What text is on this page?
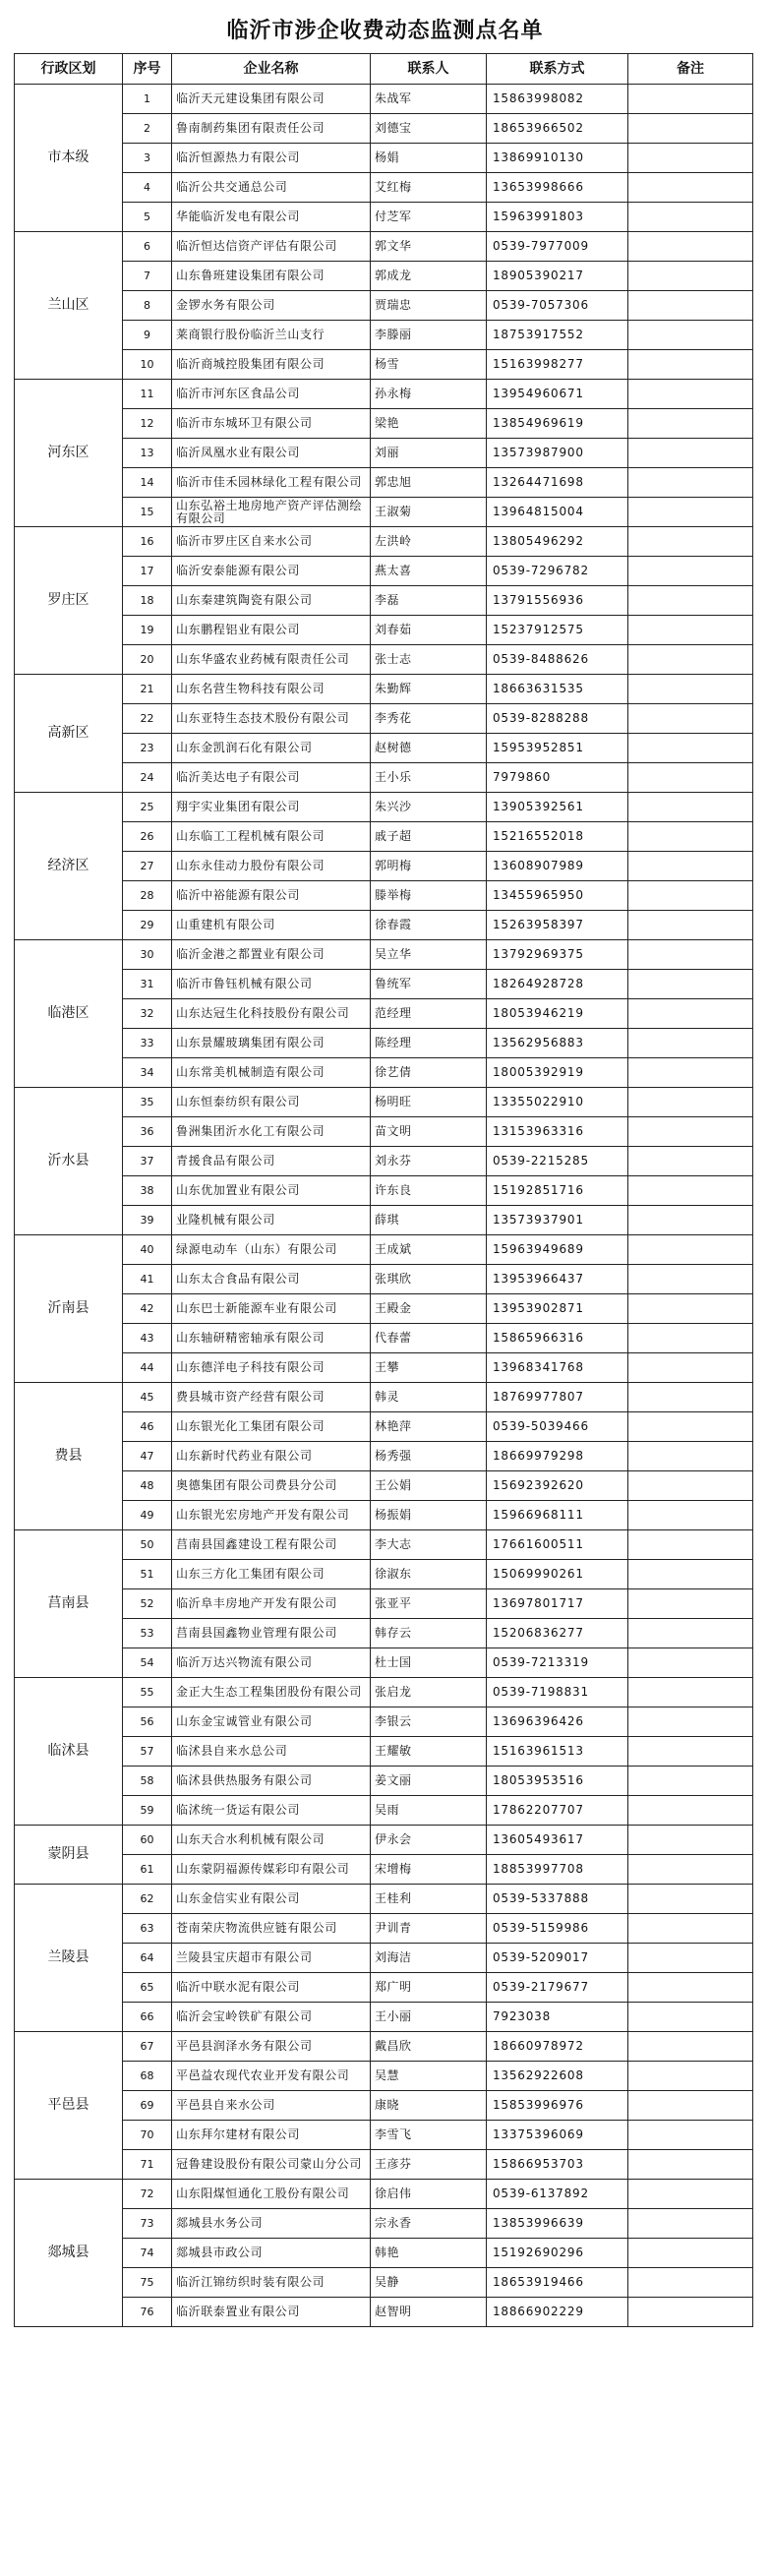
临沂市涉企收费动态监测点名单
行政区划	序号	企业名称	联系人	联系方式	备注
市本级	1	临沂天元建设集团有限公司	朱战军	15863998082	
	2	鲁南制药集团有限责任公司	刘德宝	18653966502	
	3	临沂恒源热力有限公司	杨娟	13869910130	
	4	临沂公共交通总公司	艾红梅	13653998666	
	5	华能临沂发电有限公司	付芝军	15963991803	
兰山区	6	临沂恒达信资产评估有限公司	郭文华	0539-7977009	
	7	山东鲁班建设集团有限公司	郭成龙	18905390217	
	8	金锣水务有限公司	贾瑞忠	0539-7057306	
	9	莱商银行股份临沂兰山支行	李滕丽	18753917552	
	10	临沂商城控股集团有限公司	杨雪	15163998277	
河东区	11	临沂市河东区食品公司	孙永梅	13954960671	
	12	临沂市东城环卫有限公司	梁艳	13854969619	
	13	临沂凤凰水业有限公司	刘丽	13573987900	
	14	临沂市佳禾园林绿化工程有限公司	郭忠旭	13264471698	
	15	山东弘裕土地房地产资产评估测绘有限公司	王淑菊	13964815004	
罗庄区	16	临沂市罗庄区自来水公司	左洪岭	13805496292	
	17	临沂安泰能源有限公司	燕太喜	0539-7296782	
	18	山东秦建筑陶瓷有限公司	李磊	13791556936	
	19	山东鹏程铝业有限公司	刘春茹	15237912575	
	20	山东华盛农业药械有限责任公司	张士志	0539-8488626	
高新区	21	山东名营生物科技有限公司	朱勤辉	18663631535	
	22	山东亚特生态技术股份有限公司	李秀花	0539-8288288	
	23	山东金凯润石化有限公司	赵树德	15953952851	
	24	临沂美达电子有限公司	王小乐	7979860	
经济区	25	翔宇实业集团有限公司	朱兴沙	13905392561	
	26	山东临工工程机械有限公司	戚子超	15216552018	
	27	山东永佳动力股份有限公司	郭明梅	13608907989	
	28	临沂中裕能源有限公司	滕举梅	13455965950	
	29	山重建机有限公司	徐春霞	15263958397	
临港区	30	临沂金港之都置业有限公司	吴立华	13792969375	
	31	临沂市鲁钰机械有限公司	鲁统军	18264928728	
	32	山东达冠生化科技股份有限公司	范经理	18053946219	
	33	山东景耀玻璃集团有限公司	陈经理	13562956883	
	34	山东常美机械制造有限公司	徐艺倩	18005392919	
沂水县	35	山东恒泰纺织有限公司	杨明旺	13355022910	
	36	鲁洲集团沂水化工有限公司	苗文明	13153963316	
	37	青援食品有限公司	刘永芬	0539-2215285	
	38	山东优加置业有限公司	许东良	15192851716	
	39	业隆机械有限公司	薛琪	13573937901	
沂南县	40	绿源电动车（山东）有限公司	王成斌	15963949689	
	41	山东太合食品有限公司	张琪欣	13953966437	
	42	山东巴士新能源车业有限公司	王殿金	13953902871	
	43	山东轴研精密轴承有限公司	代春蕾	15865966316	
	44	山东德洋电子科技有限公司	王攀	13968341768	
费县	45	费县城市资产经营有限公司	韩灵	18769977807	
	46	山东银光化工集团有限公司	林艳萍	0539-5039466	
	47	山东新时代药业有限公司	杨秀强	18669979298	
	48	奥德集团有限公司费县分公司	王公娟	15692392620	
	49	山东银光宏房地产开发有限公司	杨振娟	15966968111	
莒南县	50	莒南县国鑫建设工程有限公司	李大志	17661600511	
	51	山东三方化工集团有限公司	徐淑东	15069990261	
	52	临沂阜丰房地产开发有限公司	张亚平	13697801717	
	53	莒南县国鑫物业管理有限公司	韩存云	15206836277	
	54	临沂万达兴物流有限公司	杜士国	0539-7213319	
临沭县	55	金正大生态工程集团股份有限公司	张启龙	0539-7198831	
	56	山东金宝诚管业有限公司	李银云	13696396426	
	57	临沭县自来水总公司	王耀敏	15163961513	
	58	临沭县供热服务有限公司	姜文丽	18053953516	
	59	临沭统一货运有限公司	吴雨	17862207707	
蒙阴县	60	山东天合水利机械有限公司	伊永会	13605493617	
	61	山东蒙阴福源传媒彩印有限公司	宋增梅	18853997708	
兰陵县	62	山东金信实业有限公司	王桂利	0539-5337888	
	63	苍南荣庆物流供应链有限公司	尹训青	0539-5159986	
	64	兰陵县宝庆超市有限公司	刘海洁	0539-5209017	
	65	临沂中联水泥有限公司	郑广明	0539-2179677	
	66	临沂会宝岭铁矿有限公司	王小丽	7923038	
平邑县	67	平邑县润泽水务有限公司	戴昌欣	18660978972	
	68	平邑益农现代农业开发有限公司	吴慧	13562922608	
	69	平邑县自来水公司	康晓	15853996976	
	70	山东拜尔建材有限公司	李雪飞	13375396069	
	71	冠鲁建设股份有限公司蒙山分公司	王彦芬	15866953703	
郯城县	72	山东阳煤恒通化工股份有限公司	徐启伟	0539-6137892	
	73	郯城县水务公司	宗永香	13853996639	
	74	郯城县市政公司	韩艳	15192690296	
	75	临沂江锦纺织时装有限公司	吴静	18653919466	
	76	临沂联泰置业有限公司	赵智明	18866902229	
